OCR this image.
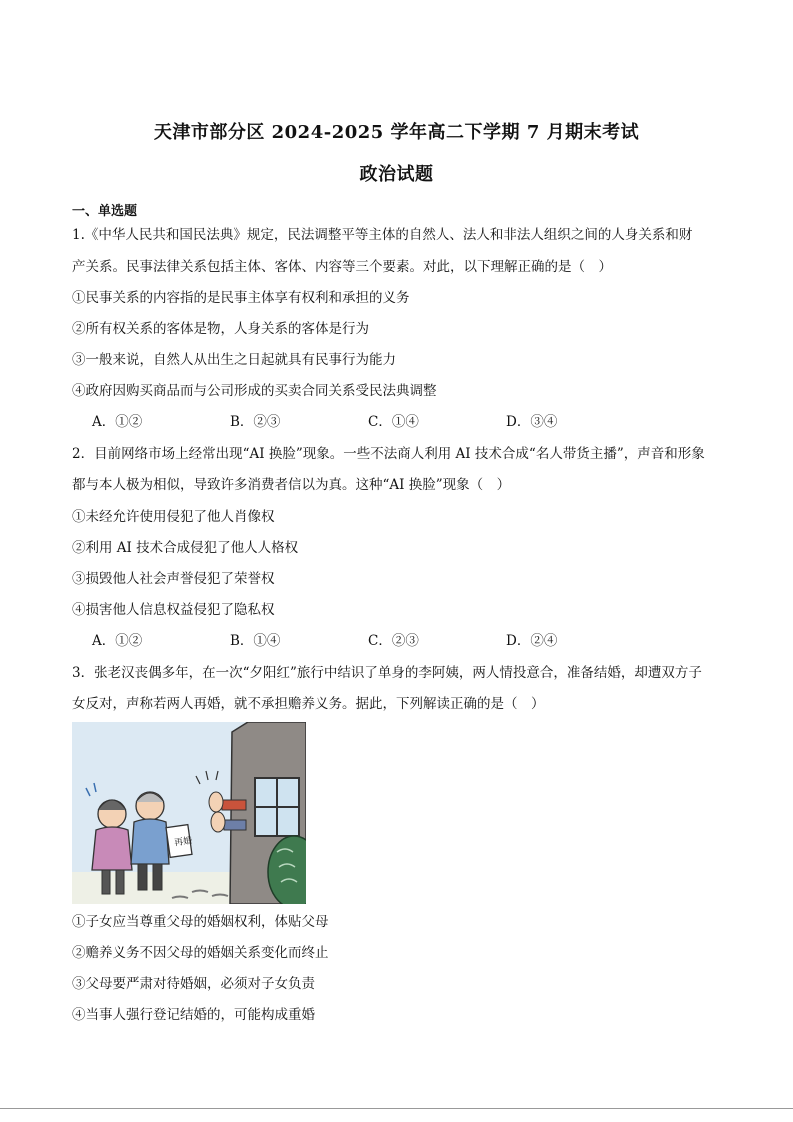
天津市部分区 2024-2025 学年高二下学期 7 月期末考试
政治试题
一、单选题
1.《中华人民共和国民法典》规定，民法调整平等主体的自然人、法人和非法人组织之间的人身关系和财
产关系。民事法律关系包括主体、客体、内容等三个要素。对此，以下理解正确的是（　）
①民事关系的内容指的是民事主体享有权利和承担的义务
②所有权关系的客体是物，人身关系的客体是行为
③一般来说，自然人从出生之日起就具有民事行为能力
④政府因购买商品而与公司形成的买卖合同关系受民法典调整
A．①②	B．②③	C．①④	D．③④
2．目前网络市场上经常出现“AI 换脸”现象。一些不法商人利用 AI 技术合成“名人带货主播”，声音和形象
都与本人极为相似，导致许多消费者信以为真。这种“AI 换脸”现象（　）
①未经允许使用侵犯了他人肖像权
②利用 AI 技术合成侵犯了他人人格权
③损毁他人社会声誉侵犯了荣誉权
④损害他人信息权益侵犯了隐私权
A．①②	B．①④	C．②③	D．②④
3．张老汉丧偶多年，在一次“夕阳红”旅行中结识了单身的李阿姨，两人情投意合，准备结婚，却遭双方子
女反对，声称若两人再婚，就不承担赡养义务。据此，下列解读正确的是（　）
再婚
①子女应当尊重父母的婚姻权利，体贴父母
②赡养义务不因父母的婚姻关系变化而终止
③父母要严肃对待婚姻，必须对子女负责
④当事人强行登记结婚的，可能构成重婚
